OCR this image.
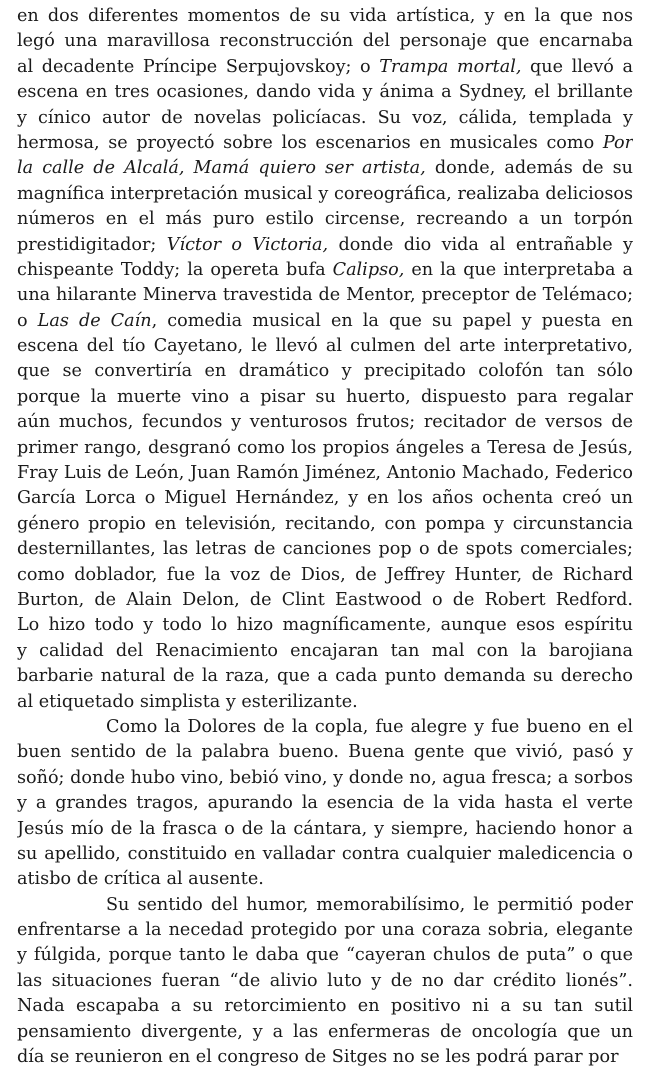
en dos diferentes momentos de su vida artística, y en la que nos
legó una maravillosa reconstrucción del personaje que encarnaba
al decadente Príncipe Serpujovskoy; o Trampa mortal, que llevó a
escena en tres ocasiones, dando vida y ánima a Sydney, el brillante
y cínico autor de novelas policíacas. Su voz, cálida, templada y
hermosa, se proyectó sobre los escenarios en musicales como Por
la calle de Alcalá, Mamá quiero ser artista, donde, además de su
magnífica interpretación musical y coreográfica, realizaba deliciosos
números en el más puro estilo circense, recreando a un torpón
prestidigitador; Víctor o Victoria, donde dio vida al entrañable y
chispeante Toddy; la opereta bufa Calipso, en la que interpretaba a
una hilarante Minerva travestida de Mentor, preceptor de Telémaco;
o Las de Caín, comedia musical en la que su papel y puesta en
escena del tío Cayetano, le llevó al culmen del arte interpretativo,
que se convertiría en dramático y precipitado colofón tan sólo
porque la muerte vino a pisar su huerto, dispuesto para regalar
aún muchos, fecundos y venturosos frutos; recitador de versos de
primer rango, desgranó como los propios ángeles a Teresa de Jesús,
Fray Luis de León, Juan Ramón Jiménez, Antonio Machado, Federico
García Lorca o Miguel Hernández, y en los años ochenta creó un
género propio en televisión, recitando, con pompa y circunstancia
desternillantes, las letras de canciones pop o de spots comerciales;
como doblador, fue la voz de Dios, de Jeffrey Hunter, de Richard
Burton, de Alain Delon, de Clint Eastwood o de Robert Redford.
Lo hizo todo y todo lo hizo magníficamente, aunque esos espíritu
y calidad del Renacimiento encajaran tan mal con la barojiana
barbarie natural de la raza, que a cada punto demanda su derecho
al etiquetado simplista y esterilizante.
Como la Dolores de la copla, fue alegre y fue bueno en el
buen sentido de la palabra bueno. Buena gente que vivió, pasó y
soñó; donde hubo vino, bebió vino, y donde no, agua fresca; a sorbos
y a grandes tragos, apurando la esencia de la vida hasta el verte
Jesús mío de la frasca o de la cántara, y siempre, haciendo honor a
su apellido, constituido en valladar contra cualquier maledicencia o
atisbo de crítica al ausente.
Su sentido del humor, memorabilísimo, le permitió poder
enfrentarse a la necedad protegido por una coraza sobria, elegante
y fúlgida, porque tanto le daba que “cayeran chulos de puta” o que
las situaciones fueran “de alivio luto y de no dar crédito lionés”.
Nada escapaba a su retorcimiento en positivo ni a su tan sutil
pensamiento divergente, y a las enfermeras de oncología que un
día se reunieron en el congreso de Sitges no se les podrá parar por
